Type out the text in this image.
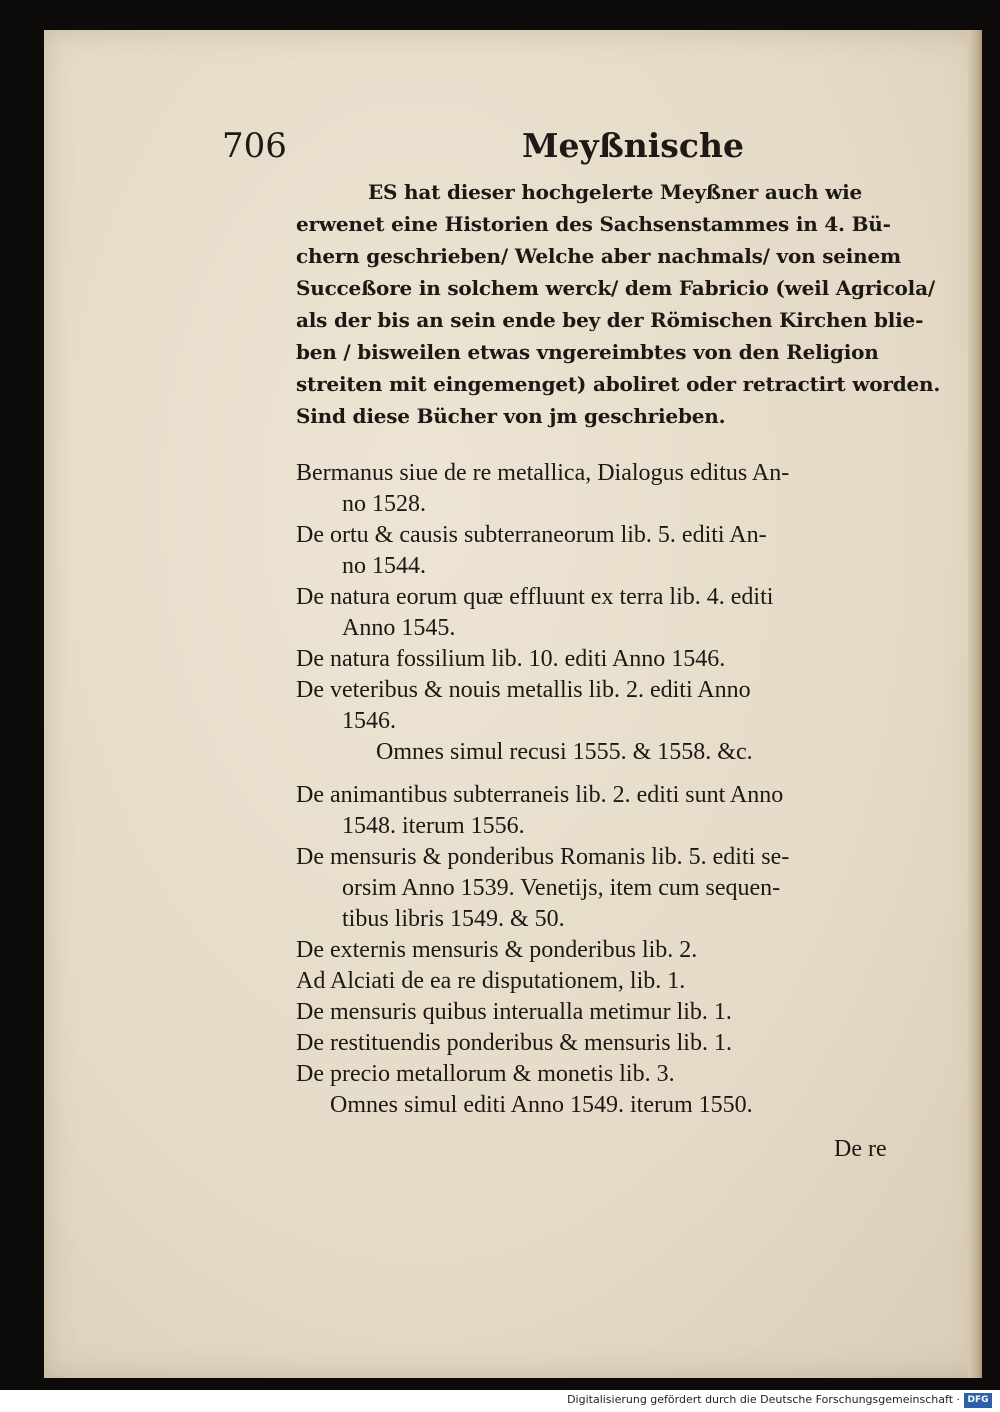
706	Meyßnische
ES hat dieser hochgelerte Meyßner auch wie
erwenet eine Historien des Sachsenstammes in 4. Bü-
chern geschrieben/ Welche aber nachmals/ von seinem
Succeßore in solchem werck/ dem Fabricio (weil Agricola/
als der bis an sein ende bey der Römischen Kirchen blie-
ben / bisweilen etwas vngereimbtes von den Religion
streiten mit eingemenget) aboliret oder retractirt worden.
Sind diese Bücher von jm geschrieben.
Bermanus siue de re metallica, Dialogus editus An-
no 1528.
De ortu & causis subterraneorum lib. 5. editi An-
no 1544.
De natura eorum quæ effluunt ex terra lib. 4. editi
Anno 1545.
De natura fossilium lib. 10. editi Anno 1546.
De veteribus & nouis metallis lib. 2. editi Anno
1546.
Omnes simul recusi 1555. & 1558. &c.
De animantibus subterraneis lib. 2. editi sunt Anno
1548. iterum 1556.
De mensuris & ponderibus Romanis lib. 5. editi se-
orsim Anno 1539. Venetijs, item cum sequen-
tibus libris 1549. & 50.
De externis mensuris & ponderibus lib. 2.
Ad Alciati de ea re disputationem, lib. 1.
De mensuris quibus interualla metimur lib. 1.
De restituendis ponderibus & mensuris lib. 1.
De precio metallorum & monetis lib. 3.
Omnes simul editi Anno 1549. iterum 1550.
De re
Digitalisierung gefördert durch die Deutsche Forschungsgemeinschaft · DFG
